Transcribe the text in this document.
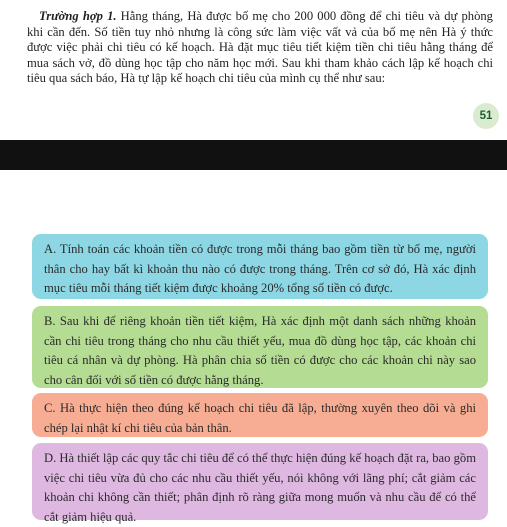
Trường hợp 1. Hằng tháng, Hà được bố mẹ cho 200 000 đồng để chi tiêu và dự phòng khi cần đến. Số tiền tuy nhỏ nhưng là công sức làm việc vất vả của bố mẹ nên Hà ý thức được việc phải chi tiêu có kế hoạch. Hà đặt mục tiêu tiết kiệm tiền chi tiêu hằng tháng để mua sách vở, đồ dùng học tập cho năm học mới. Sau khi tham khảo cách lập kế hoạch chi tiêu qua sách báo, Hà tự lập kế hoạch chi tiêu của mình cụ thể như sau:

51
A. Tính toán các khoản tiền có được trong mỗi tháng bao gồm tiền từ bố mẹ, người thân cho hay bất kì khoản thu nào có được trong tháng. Trên cơ sở đó, Hà xác định mục tiêu mỗi tháng tiết kiệm được khoảng 20% tổng số tiền có được.
B. Sau khi để riêng khoản tiền tiết kiệm, Hà xác định một danh sách những khoản cần chi tiêu trong tháng cho nhu cầu thiết yếu, mua đồ dùng học tập, các khoản chi tiêu cá nhân và dự phòng. Hà phân chia số tiền có được cho các khoản chi này sao cho cân đối với số tiền có được hằng tháng.
C. Hà thực hiện theo đúng kế hoạch chi tiêu đã lập, thường xuyên theo dõi và ghi chép lại nhật kí chi tiêu của bản thân.
D. Hà thiết lập các quy tắc chi tiêu để có thể thực hiện đúng kế hoạch đặt ra, bao gồm việc chi tiêu vừa đủ cho các nhu cầu thiết yếu, nói không với lãng phí; cắt giảm các khoản chi không cần thiết; phân định rõ ràng giữa mong muốn và nhu cầu để có thể cắt giảm hiệu quả.
